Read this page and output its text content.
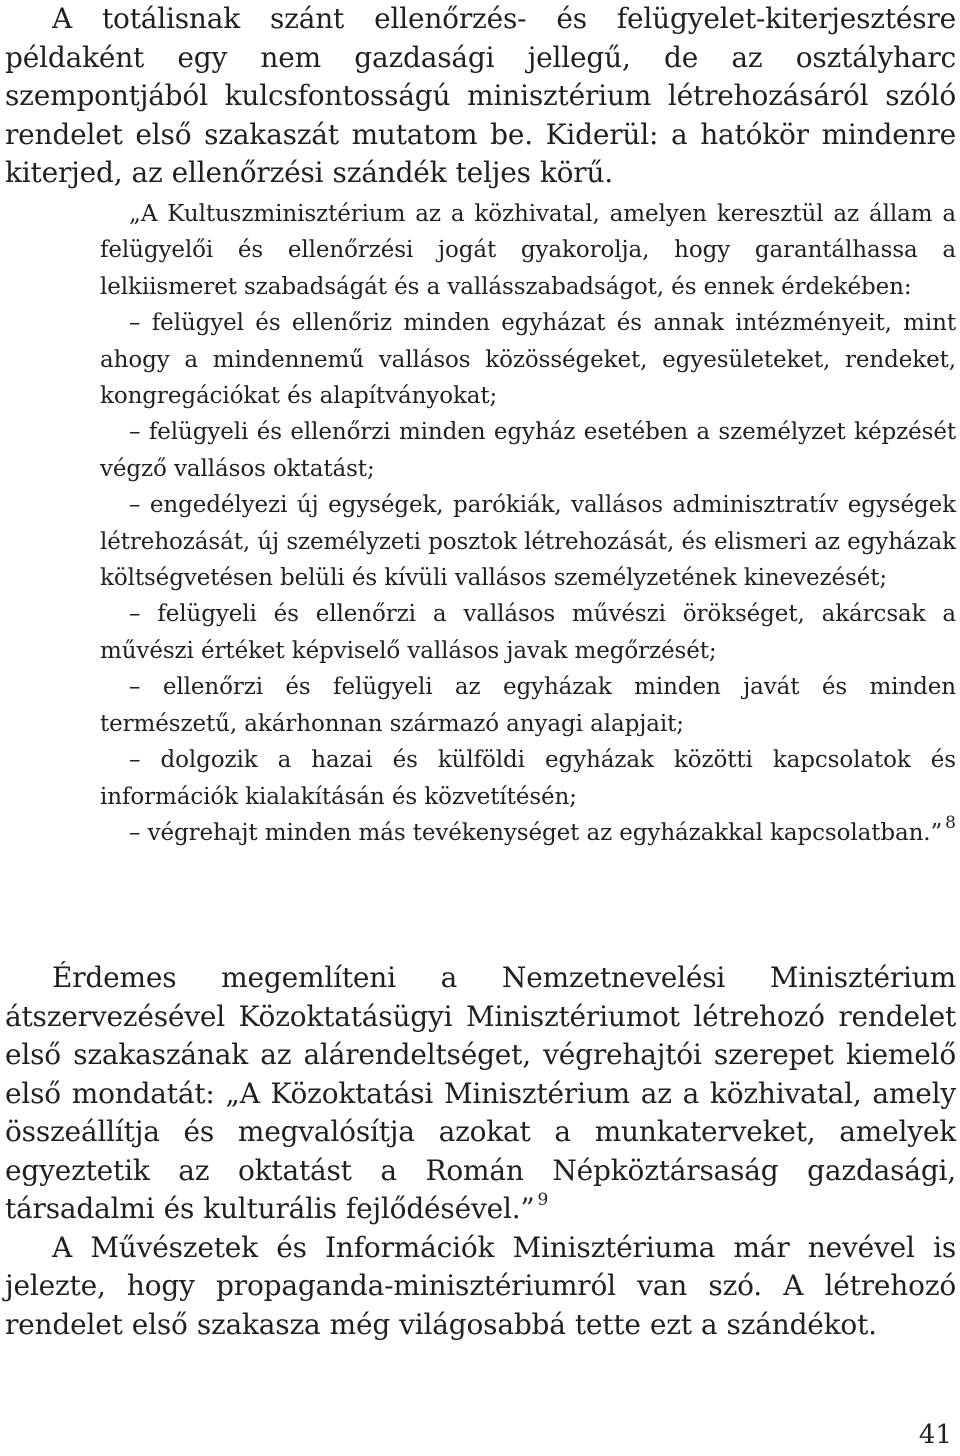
A totálisnak szánt ellenőrzés- és felügyelet-kiterjesztésre példaként egy nem gazdasági jellegű, de az osztályharc szempontjából kulcsfontosságú minisztérium létrehozásáról szóló rendelet első szakaszát mutatom be. Kiderül: a hatókör mindenre kiterjed, az ellenőrzési szándék teljes körű.

„A Kultuszminisztérium az a közhivatal, amelyen keresztül az állam a felügyelői és ellenőrzési jogát gyakorolja, hogy garantálhassa a lelkiismeret szabadságát és a vallásszabadságot, és ennek érdekében:

– felügyel és ellenőriz minden egyházat és annak intézményeit, mint ahogy a mindennemű vallásos közösségeket, egyesületeket, rendeket, kongregációkat és alapítványokat;

– felügyeli és ellenőrzi minden egyház esetében a személyzet képzését végző vallásos oktatást;

– engedélyezi új egységek, parókiák, vallásos adminisztratív egységek létrehozását, új személyzeti posztok létrehozását, és elismeri az egyházak költségvetésen belüli és kívüli vallásos személyzetének kinevezését;

– felügyeli és ellenőrzi a vallásos művészi örökséget, akárcsak a művészi értéket képviselő vallásos javak megőrzését;

– ellenőrzi és felügyeli az egyházak minden javát és minden természetű, akárhonnan származó anyagi alapjait;

– dolgozik a hazai és külföldi egyházak közötti kapcsolatok és információk kialakításán és közvetítésén;

– végrehajt minden más tevékenységet az egyházakkal kapcsolatban.” $^8$

Érdemes megemlíteni a Nemzetnevelési Minisztérium átszervezésével Közoktatásügyi Minisztériumot létrehozó rendelet első szakaszának az alárendeltséget, végrehajtói szerepet kiemelő első mondatát: „A Közoktatási Minisztérium az a közhivatal, amely összeállítja és megvalósítja azokat a munkaterveket, amelyek egyeztetik az oktatást a Román Népköztársaság gazdasági, társadalmi és kulturális fejlődésével.” $^9$

A Művészetek és Információk Minisztériuma már nevével is jelezte, hogy propaganda-minisztériumról van szó. A létrehozó rendelet első szakasza még világosabbá tette ezt a szándékot.

41
